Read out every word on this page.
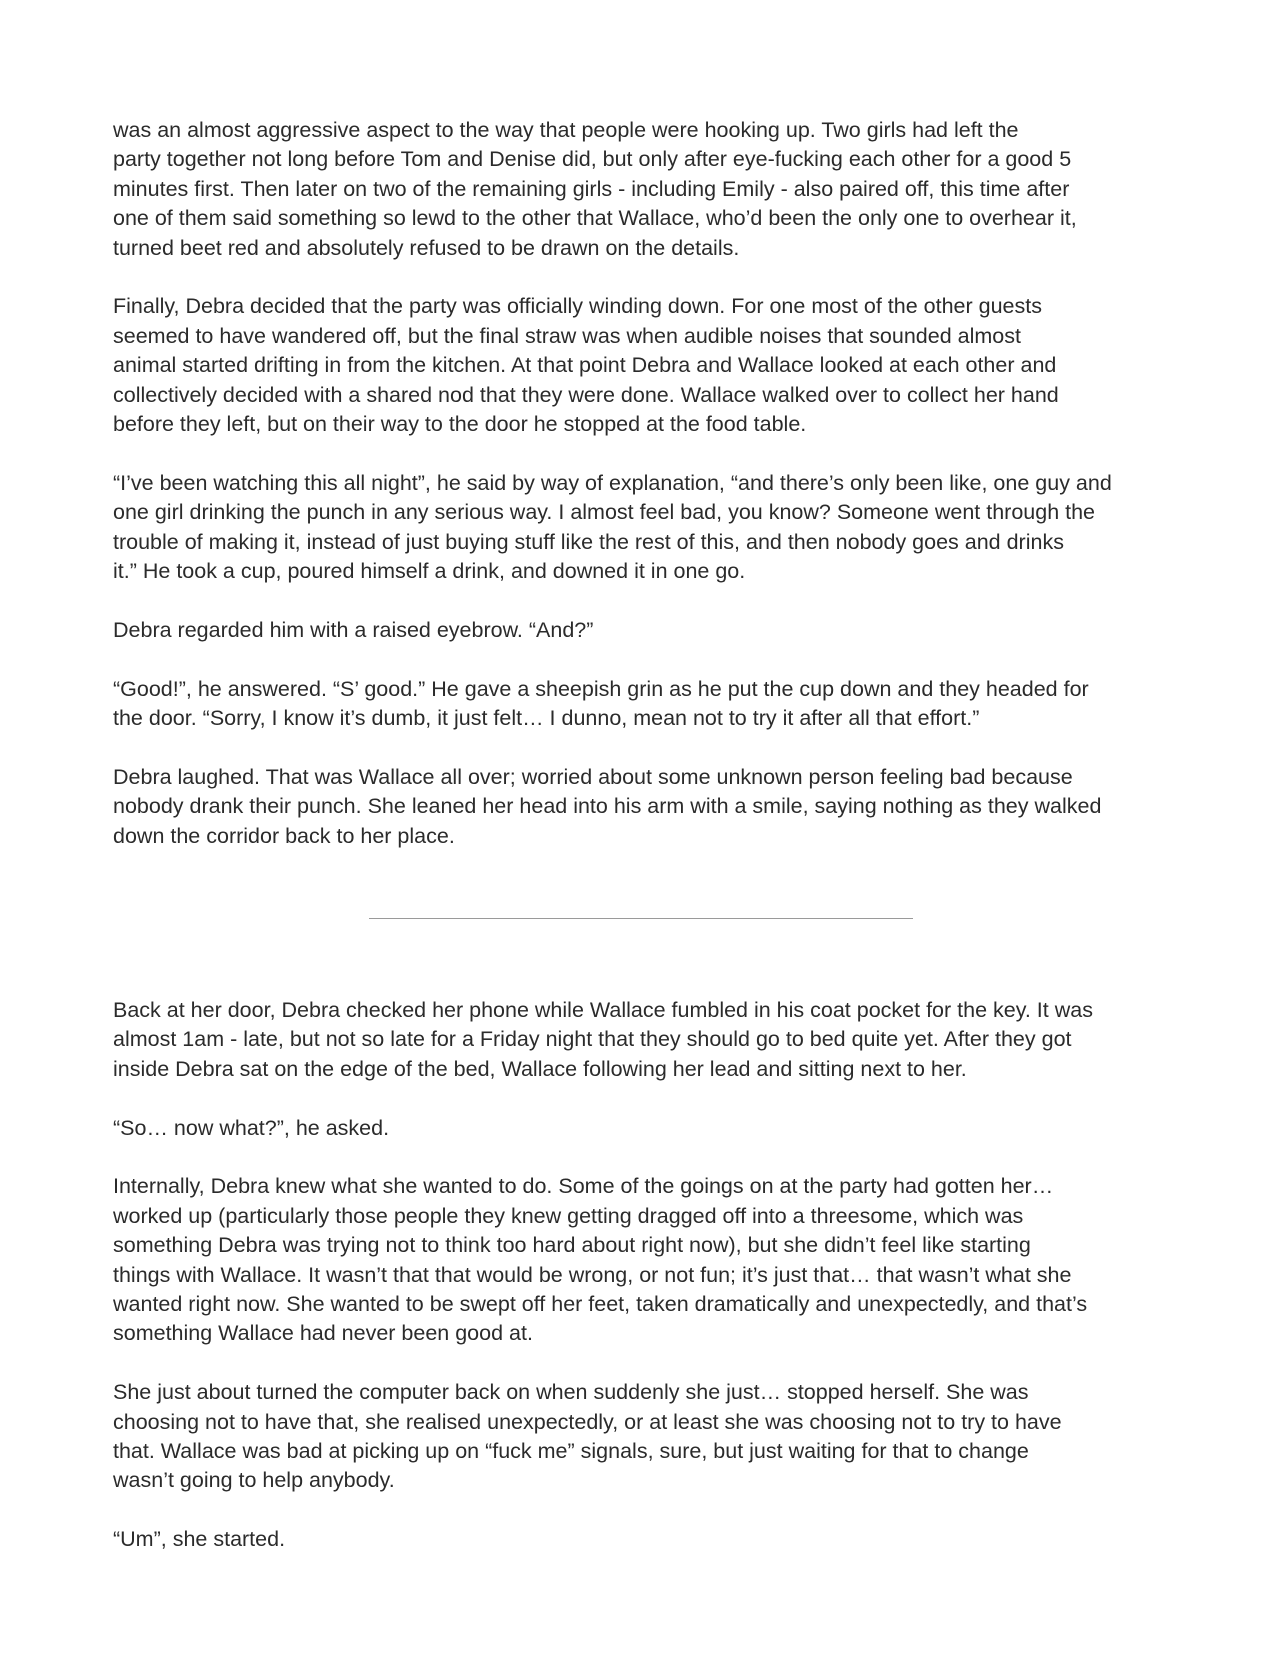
was an almost aggressive aspect to the way that people were hooking up. Two girls had left the
party together not long before Tom and Denise did, but only after eye-fucking each other for a good 5
minutes first. Then later on two of the remaining girls - including Emily - also paired off, this time after
one of them said something so lewd to the other that Wallace, who’d been the only one to overhear it,
turned beet red and absolutely refused to be drawn on the details.

Finally, Debra decided that the party was officially winding down. For one most of the other guests
seemed to have wandered off, but the final straw was when audible noises that sounded almost
animal started drifting in from the kitchen. At that point Debra and Wallace looked at each other and
collectively decided with a shared nod that they were done. Wallace walked over to collect her hand
before they left, but on their way to the door he stopped at the food table.

“I’ve been watching this all night”, he said by way of explanation, “and there’s only been like, one guy and
one girl drinking the punch in any serious way. I almost feel bad, you know? Someone went through the
trouble of making it, instead of just buying stuff like the rest of this, and then nobody goes and drinks
it.” He took a cup, poured himself a drink, and downed it in one go.

Debra regarded him with a raised eyebrow. “And?”

“Good!”, he answered. “S’ good.” He gave a sheepish grin as he put the cup down and they headed for
the door. “Sorry, I know it’s dumb, it just felt… I dunno, mean not to try it after all that effort.”

Debra laughed. That was Wallace all over; worried about some unknown person feeling bad because
nobody drank their punch. She leaned her head into his arm with a smile, saying nothing as they walked
down the corridor back to her place.

Back at her door, Debra checked her phone while Wallace fumbled in his coat pocket for the key. It was
almost 1am - late, but not so late for a Friday night that they should go to bed quite yet. After they got
inside Debra sat on the edge of the bed, Wallace following her lead and sitting next to her.

“So… now what?”, he asked.

Internally, Debra knew what she wanted to do. Some of the goings on at the party had gotten her…
worked up (particularly those people they knew getting dragged off into a threesome, which was
something Debra was trying not to think too hard about right now), but she didn’t feel like starting
things with Wallace. It wasn’t that that would be wrong, or not fun; it’s just that… that wasn’t what she
wanted right now. She wanted to be swept off her feet, taken dramatically and unexpectedly, and that’s
something Wallace had never been good at.

She just about turned the computer back on when suddenly she just… stopped herself. She was
choosing not to have that, she realised unexpectedly, or at least she was choosing not to try to have
that. Wallace was bad at picking up on “fuck me” signals, sure, but just waiting for that to change
wasn’t going to help anybody.

“Um”, she started.
